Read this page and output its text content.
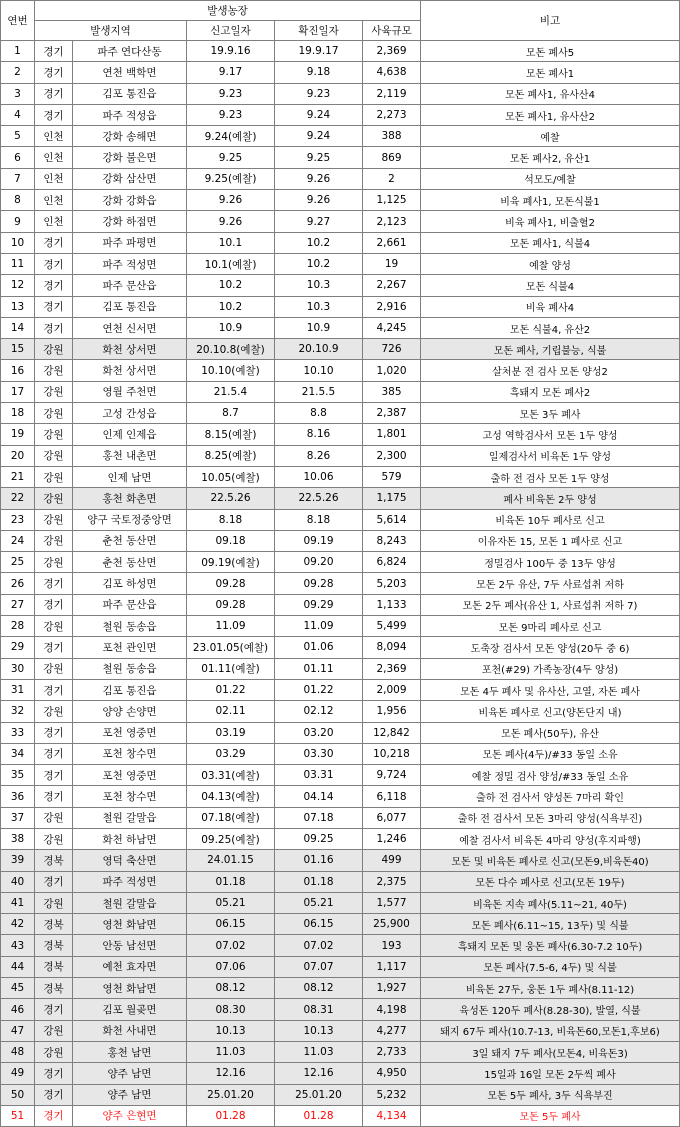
연번	발생농장					비고
	발생지역		신고일자	확진일자	사육규모	
1	경기	파주 연다산동	19.9.16	19.9.17	2,369	모돈 폐사5
2	경기	연천 백학면	9.17	9.18	4,638	모돈 폐사1
3	경기	김포 통진읍	9.23	9.23	2,119	모돈 폐사1, 유사산4
4	경기	파주 적성읍	9.23	9.24	2,273	모돈 폐사1, 유사산2
5	인천	강화 송해면	9.24(예찰)	9.24	388	예찰
6	인천	강화 불은면	9.25	9.25	869	모돈 폐사2, 유산1
7	인천	강화 삼산면	9.25(예찰)	9.26	2	석모도/예찰
8	인천	강화 강화읍	9.26	9.26	1,125	비육 폐사1, 모돈식불1
9	인천	강화 하점면	9.26	9.27	2,123	비육 폐사1, 비출혈2
10	경기	파주 파평면	10.1	10.2	2,661	모돈 폐사1, 식불4
11	경기	파주 적성면	10.1(예찰)	10.2	19	예찰 양성
12	경기	파주 문산읍	10.2	10.3	2,267	모돈 식불4
13	경기	김포 통진읍	10.2	10.3	2,916	비육 폐사4
14	경기	연천 신서면	10.9	10.9	4,245	모돈 식불4, 유산2
15	강원	화천 상서면	20.10.8(예찰)	20.10.9	726	모돈 폐사, 기립불능, 식불
16	강원	화천 상서면	10.10(예찰)	10.10	1,020	살처분 전 검사 모돈 양성2
17	강원	영월 주천면	21.5.4	21.5.5	385	흑돼지 모돈 폐사2
18	강원	고성 간성읍	8.7	8.8	2,387	모돈 3두 폐사
19	강원	인제 인제읍	8.15(예찰)	8.16	1,801	고성 역학검사서 모돈 1두 양성
20	강원	홍천 내촌면	8.25(예찰)	8.26	2,300	일제검사서 비육돈 1두 양성
21	강원	인제 남면	10.05(예찰)	10.06	579	출하 전 검사 모돈 1두 양성
22	강원	홍천 화촌면	22.5.26	22.5.26	1,175	폐사 비육돈 2두 양성
23	강원	양구 국토정중앙면	8.18	8.18	5,614	비육돈 10두 폐사로 신고
24	강원	춘천 동산면	09.18	09.19	8,243	이유자돈 15, 모돈 1 폐사로 신고
25	강원	춘천 동산면	09.19(예찰)	09.20	6,824	정밀검사 100두 중 13두 양성
26	경기	김포 하성면	09.28	09.28	5,203	모돈 2두 유산, 7두 사료섭취 저하
27	경기	파주 문산읍	09.28	09.29	1,133	모돈 2두 폐사(유산 1, 사료섭취 저하 7)
28	강원	철원 동송읍	11.09	11.09	5,499	모돈 9마리 폐사로 신고
29	경기	포천 관인면	23.01.05(예찰)	01.06	8,094	도축장 검사서 모돈 양성(20두 중 6)
30	강원	철원 동송읍	01.11(예찰)	01.11	2,369	포천(#29) 가족농장(4두 양성)
31	경기	김포 통진읍	01.22	01.22	2,009	모돈 4두 폐사 및 유사산, 고열, 자돈 폐사
32	강원	양양 손양면	02.11	02.12	1,956	비육돈 폐사로 신고(양돈단지 내)
33	경기	포천 영중면	03.19	03.20	12,842	모돈 폐사(50두), 유산
34	경기	포천 창수면	03.29	03.30	10,218	모돈 폐사(4두)/#33 동일 소유
35	경기	포천 영중면	03.31(예찰)	03.31	9,724	예찰 정밀 검사 양성/#33 동일 소유
36	경기	포천 창수면	04.13(예찰)	04.14	6,118	출하 전 검사서 양성돈 7마리 확인
37	강원	철원 갈말읍	07.18(예찰)	07.18	6,077	출하 전 검사서 모돈 3마리 양성(식욕부진)
38	강원	화천 하남면	09.25(예찰)	09.25	1,246	예찰 검사서 비육돈 4마리 양성(후지파행)
39	경북	영덕 축산면	24.01.15	01.16	499	모돈 및 비육돈 폐사로 신고(모돈9,비육돈40)
40	경기	파주 적성면	01.18	01.18	2,375	모돈 다수 폐사로 신고(모돈 19두)
41	강원	철원 갈말읍	05.21	05.21	1,577	비육돈 지속 폐사(5.11~21, 40두)
42	경북	영천 화남면	06.15	06.15	25,900	모돈 폐사(6.11~15, 13두) 및 식불
43	경북	안동 남선면	07.02	07.02	193	흑돼지 모돈 및 웅돈 폐사(6.30-7.2 10두)
44	경북	예천 효자면	07.06	07.07	1,117	모돈 폐사(7.5-6, 4두) 및 식불
45	경북	영천 화남면	08.12	08.12	1,927	비육돈 27두, 웅돈 1두 폐사(8.11-12)
46	경기	김포 월곶면	08.30	08.31	4,198	육성돈 120두 폐사(8.28-30), 발열, 식불
47	강원	화천 사내면	10.13	10.13	4,277	돼지 67두 폐사(10.7-13, 비육돈60,모돈1,후보6)
48	강원	홍천 남면	11.03	11.03	2,733	3일 돼지 7두 폐사(모돈4, 비육돈3)
49	경기	양주 남면	12.16	12.16	4,950	15일과 16일 모돈 2두씩 폐사
50	경기	양주 남면	25.01.20	25.01.20	5,232	모돈 5두 폐사, 3두 식욕부진
51	경기	양주 은현면	01.28	01.28	4,134	모돈 5두 폐사
